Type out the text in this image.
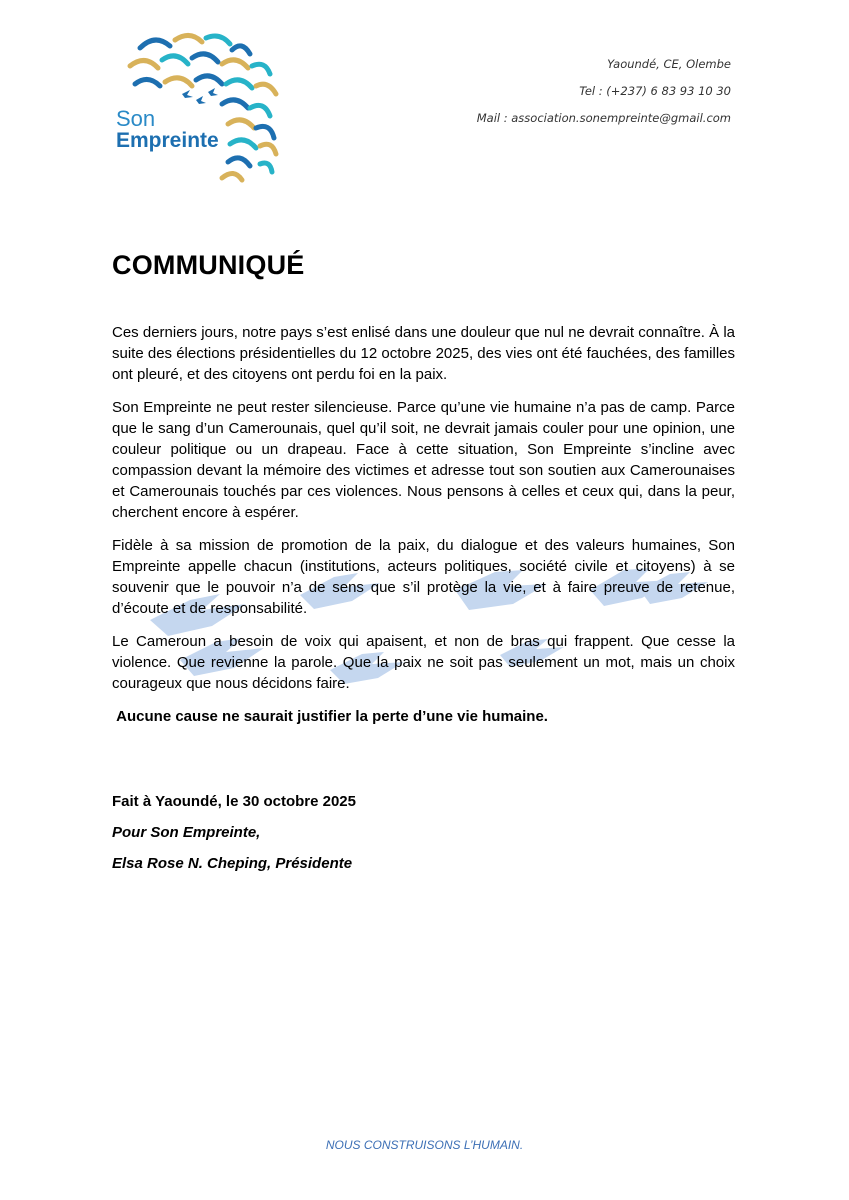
Son
Empreinte
Yaoundé, CE, Olembe
Tel : (+237) 6 83 93 10 30
Mail : association.sonempreinte@gmail.com
COMMUNIQUÉ

Ces derniers jours, notre pays s’est enlisé dans une douleur que nul ne devrait connaître. À la suite des élections présidentielles du 12 octobre 2025, des vies ont été fauchées, des familles ont pleuré, et des citoyens ont perdu foi en la paix.

Son Empreinte ne peut rester silencieuse. Parce qu’une vie humaine n’a pas de camp. Parce que le sang d’un Camerounais, quel qu’il soit, ne devrait jamais couler pour une opinion, une couleur politique ou un drapeau. Face à cette situation, Son Empreinte s’incline avec compassion devant la mémoire des victimes et adresse tout son soutien aux Camerounaises et Camerounais touchés par ces violences. Nous pensons à celles et ceux qui, dans la peur, cherchent encore à espérer.

Fidèle à sa mission de promotion de la paix, du dialogue et des valeurs humaines, Son Empreinte appelle chacun (institutions, acteurs politiques, société civile et citoyens) à se souvenir que le pouvoir n’a de sens que s’il protège la vie, et à faire preuve de retenue, d’écoute et de responsabilité.

Le Cameroun a besoin de voix qui apaisent, et non de bras qui frappent. Que cesse la violence. Que revienne la parole. Que la paix ne soit pas seulement un mot, mais un choix courageux que nous décidons faire.

Aucune cause ne saurait justifier la perte d’une vie humaine.

Fait à Yaoundé, le 30 octobre 2025
Pour Son Empreinte,
Elsa Rose N. Cheping, Présidente
NOUS CONSTRUISONS L’HUMAIN.
